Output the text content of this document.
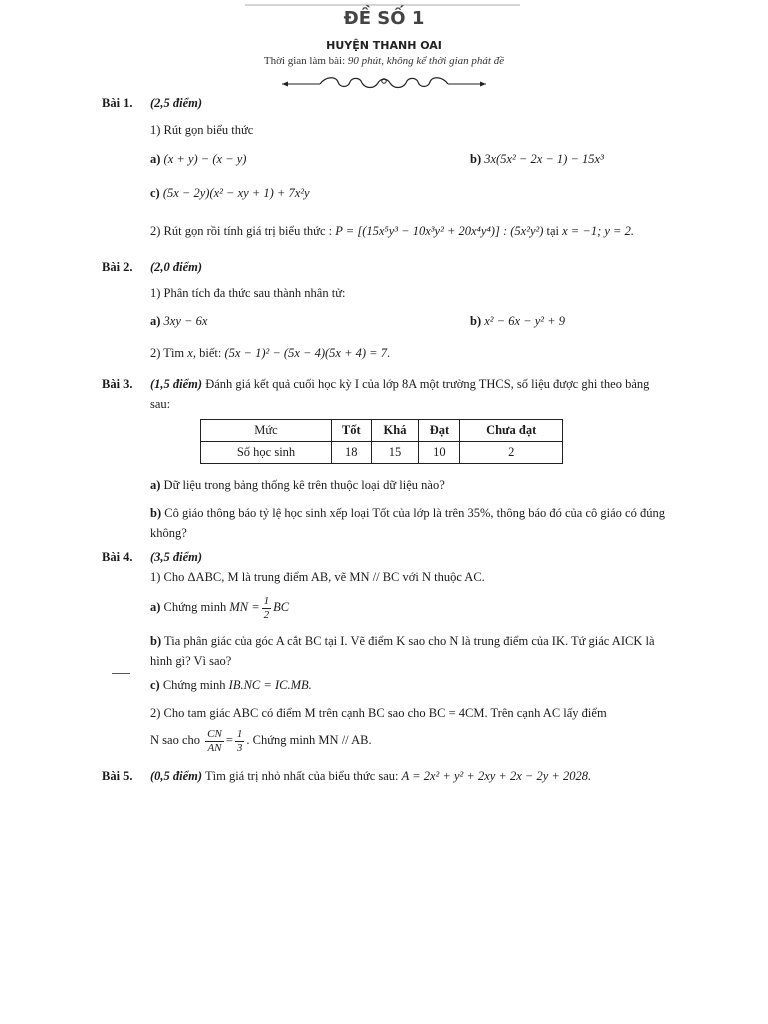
ĐỀ SỐ 1
HUYỆN THANH OAI
Thời gian làm bài: 90 phút, không kể thời gian phát đề
Bài 1. (2,5 điểm)
1) Rút gọn biểu thức
a) (x + y) − (x − y)	b) 3x(5x² − 2x − 1) − 15x³
c) (5x − 2y)(x² − xy + 1) + 7x²y
2) Rút gọn rồi tính giá trị biểu thức : P = [(15x⁵y³ − 10x³y² + 20x⁴y⁴)] : (5x²y²) tại x = −1; y = 2.
Bài 2. (2,0 điểm)
1) Phân tích đa thức sau thành nhân tử:
a) 3xy − 6x	b) x² − 6x − y² + 9
2) Tìm x, biết: (5x − 1)² − (5x − 4)(5x + 4) = 7.
Bài 3. (1,5 điểm) Đánh giá kết quả cuối học kỳ I của lớp 8A một trường THCS, số liệu được ghi theo bảng sau:
Mức	Tốt	Khá	Đạt	Chưa đạt
Số học sinh	18	15	10	2
a) Dữ liệu trong bảng thống kê trên thuộc loại dữ liệu nào?
b) Cô giáo thông báo tỷ lệ học sinh xếp loại Tốt của lớp là trên 35%, thông báo đó của cô giáo có đúng không?
Bài 4. (3,5 điểm)
1) Cho ΔABC, M là trung điểm AB, vẽ MN // BC với N thuộc AC.
a) Chứng minh MN = $\frac{1}{2}$ BC
b) Tia phân giác của góc A cắt BC tại I. Vẽ điểm K sao cho N là trung điểm của IK. Tứ giác AICK là hình gì? Vì sao?
c) Chứng minh IB.NC = IC.MB.
2) Cho tam giác ABC có điểm M trên cạnh BC sao cho BC = 4CM. Trên cạnh AC lấy điểm
N sao cho $\frac{CN}{AN} = \frac{1}{3}$ . Chứng minh MN // AB.
Bài 5. (0,5 điểm) Tìm giá trị nhỏ nhất của biểu thức sau: A = 2x² + y² + 2xy + 2x − 2y + 2028.
